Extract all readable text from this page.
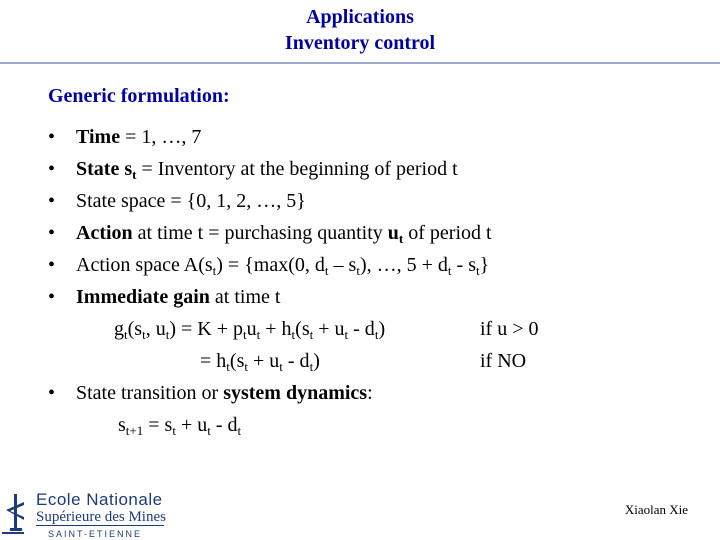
Applications
Inventory control
Generic formulation:
• Time = 1, …, 7
• State $s_t$ = Inventory at the beginning of period t
• State space = {0, 1, 2, …, 5}
• Action at time t = purchasing quantity $u_t$ of period t
• Action space $A(s_t) = \{\max(0$, $d_t - s_t$), …, $5 + d_t - s_t$}
• Immediate gain at time t
$g_t(s_t$, $u_t) = K + p_tu_t + h_t(s_t + u_t - d_t)$	if u > 0
= $h_t(s_t + u_t - d_t)$	if NO
• State transition or system dynamics:
$s_{t+1} = s_t + u_t - d_t$
Ecole Nationale
Supérieure des Mines
SAINT-ETIENNE
Xiaolan Xie
